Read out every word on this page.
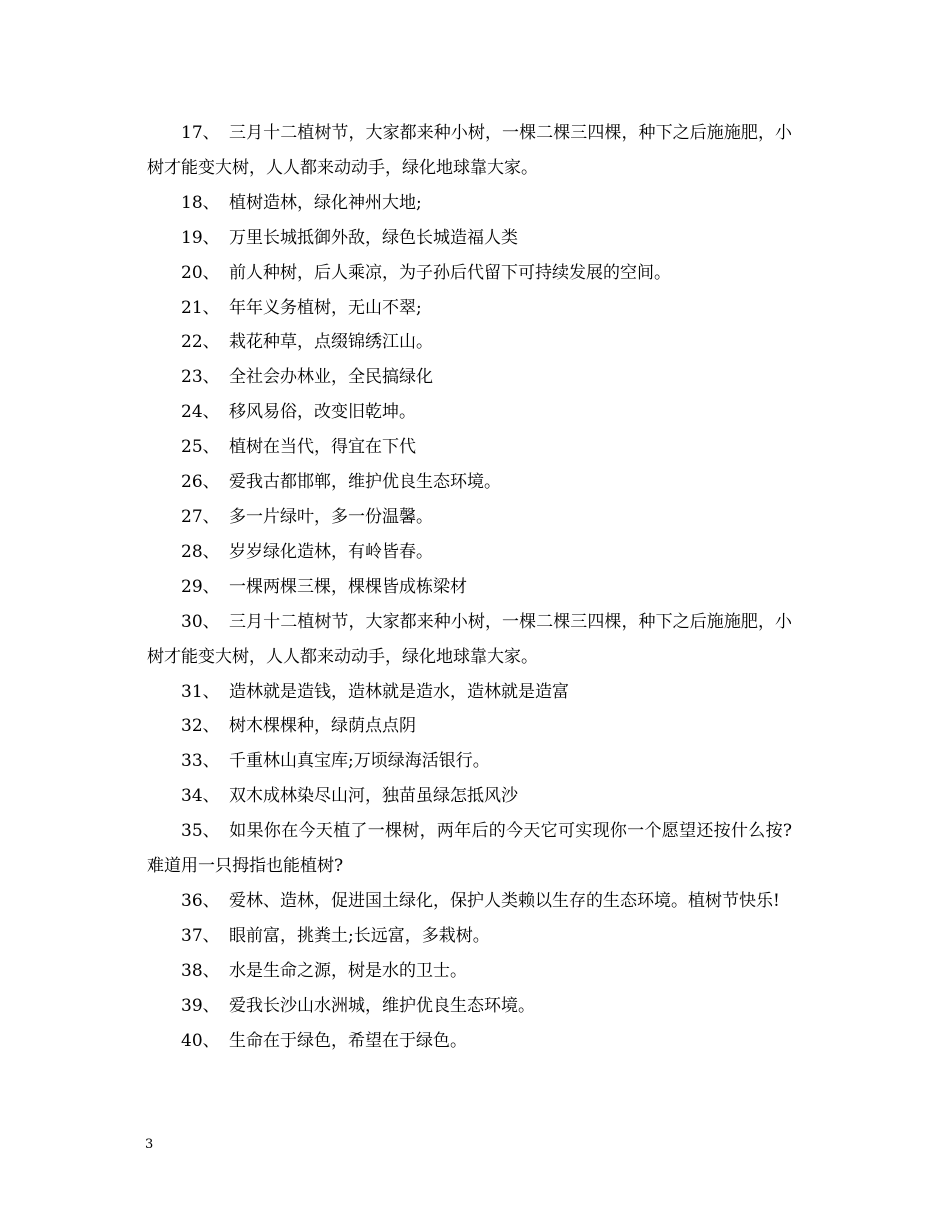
17、 三月十二植树节，大家都来种小树，一棵二棵三四棵，种下之后施施肥，小树才能变大树，人人都来动动手，绿化地球靠大家。

18、 植树造林，绿化神州大地;

19、 万里长城抵御外敌，绿色长城造福人类

20、 前人种树，后人乘凉，为子孙后代留下可持续发展的空间。

21、 年年义务植树，无山不翠;

22、 栽花种草，点缀锦绣江山。

23、 全社会办林业，全民搞绿化

24、 移风易俗，改变旧乾坤。

25、 植树在当代，得宜在下代

26、 爱我古都邯郸，维护优良生态环境。

27、 多一片绿叶，多一份温馨。

28、 岁岁绿化造林，有岭皆春。

29、 一棵两棵三棵，棵棵皆成栋梁材

30、 三月十二植树节，大家都来种小树，一棵二棵三四棵，种下之后施施肥，小树才能变大树，人人都来动动手，绿化地球靠大家。

31、 造林就是造钱，造林就是造水，造林就是造富

32、 树木棵棵种，绿荫点点阴

33、 千重林山真宝库;万顷绿海活银行。

34、 双木成林染尽山河，独苗虽绿怎抵风沙

35、 如果你在今天植了一棵树，两年后的今天它可实现你一个愿望还按什么按?难道用一只拇指也能植树?

36、 爱林、造林，促进国土绿化，保护人类赖以生存的生态环境。植树节快乐!

37、 眼前富，挑粪土;长远富，多栽树。

38、 水是生命之源，树是水的卫士。

39、 爱我长沙山水洲城，维护优良生态环境。

40、 生命在于绿色，希望在于绿色。

3
